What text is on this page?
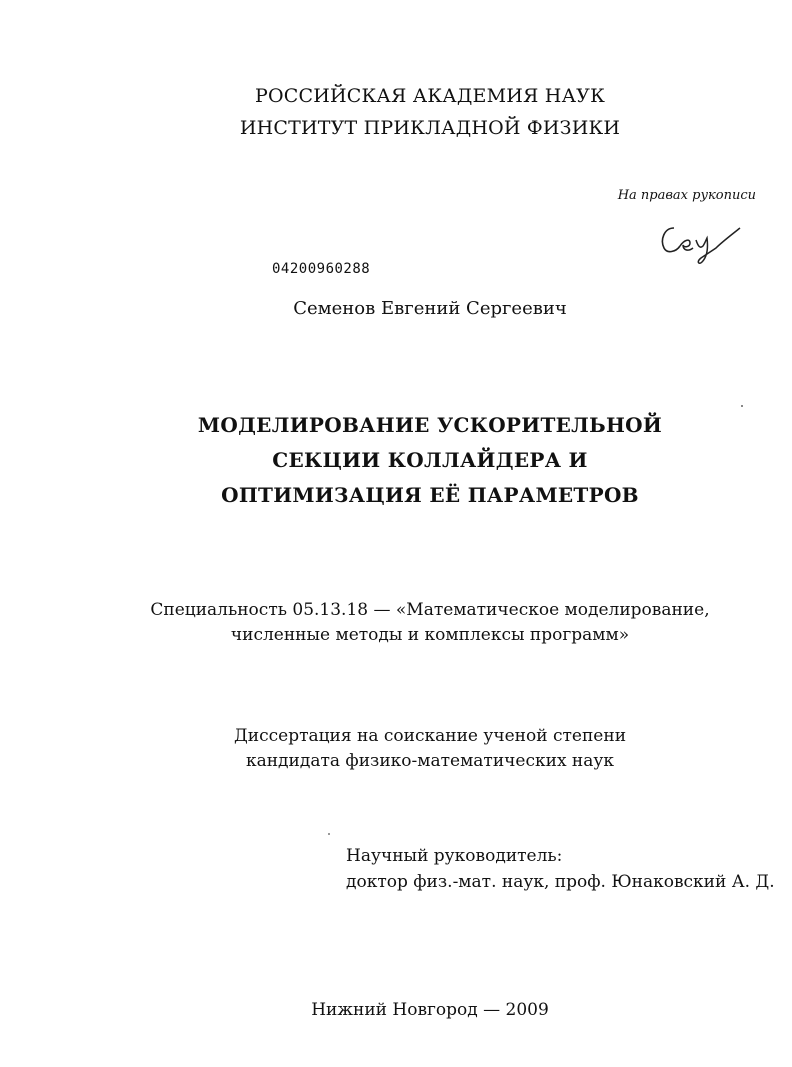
РОССИЙСКАЯ АКАДЕМИЯ НАУК
ИНСТИТУТ ПРИКЛАДНОЙ ФИЗИКИ
На правах рукописи
04200960288
Семенов Евгений Сергеевич
МОДЕЛИРОВАНИЕ УСКОРИТЕЛЬНОЙ
СЕКЦИИ КОЛЛАЙДЕРА И
ОПТИМИЗАЦИЯ ЕЁ ПАРАМЕТРОВ
Специальность 05.13.18 — «Математическое моделирование,
численные методы и комплексы программ»
Диссертация на соискание ученой степени
кандидата физико-математических наук
Научный руководитель:
доктор физ.-мат. наук, проф. Юнаковский А. Д.
Нижний Новгород — 2009
